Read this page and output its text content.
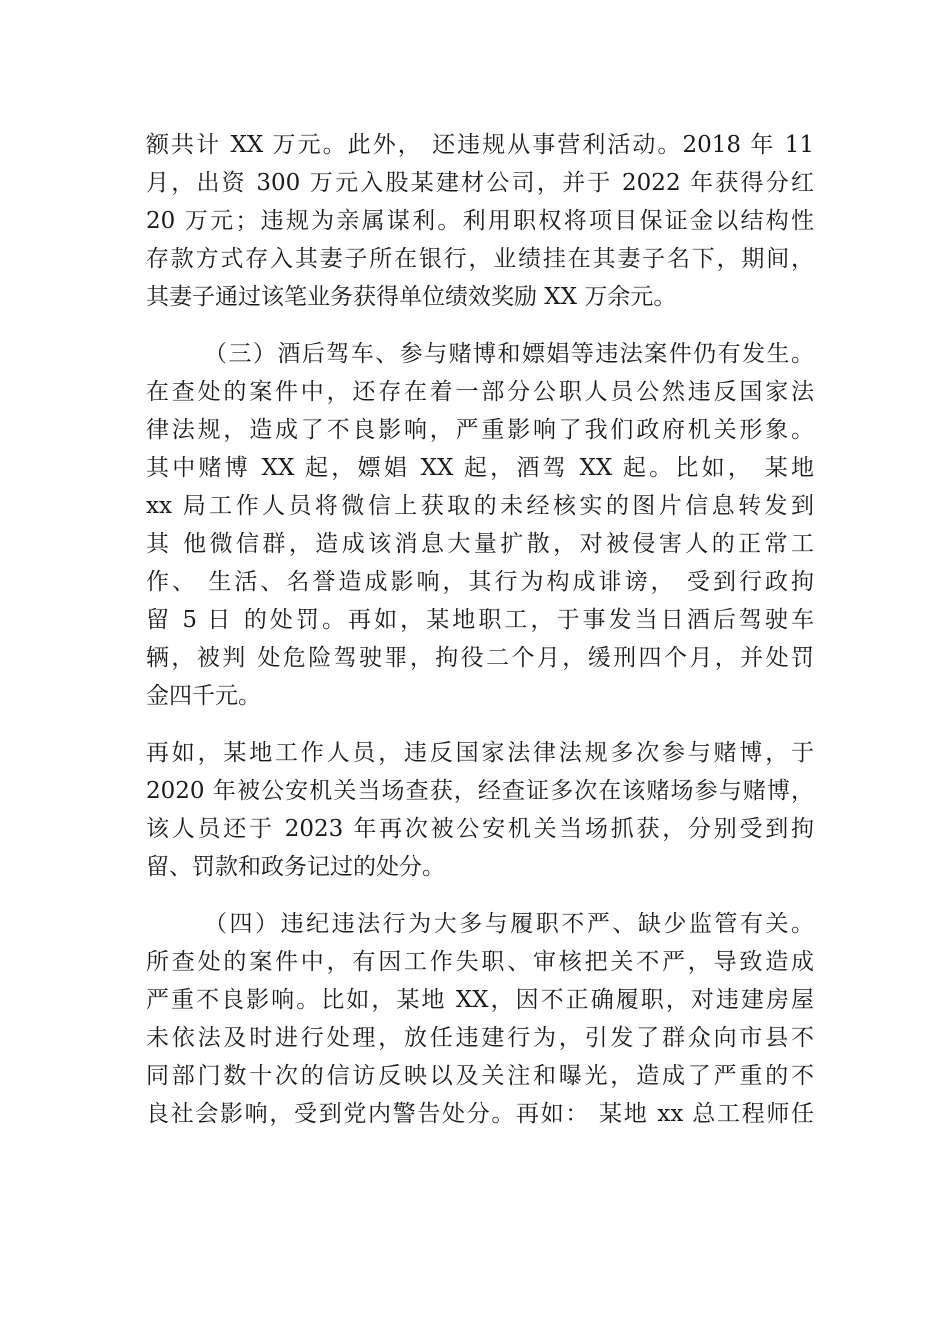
额共计 XX 万元。此外， 还违规从事营利活动。2018 年 11
月，出资 300 万元入股某建材公司，并于 2022 年获得分红
20 万元；违规为亲属谋利。利用职权将项目保证金以结构性
存款方式存入其妻子所在银行，业绩挂在其妻子名下，期间，
其妻子通过该笔业务获得单位绩效奖励 XX 万余元。
（三）酒后驾车、参与赌博和嫖娼等违法案件仍有发生。
在查处的案件中，还存在着一部分公职人员公然违反国家法
律法规，造成了不良影响，严重影响了我们政府机关形象。
其中赌博 XX 起，嫖娼 XX 起，酒驾 XX 起。比如， 某地
xx 局工作人员将微信上获取的未经核实的图片信息转发到
其 他微信群，造成该消息大量扩散，对被侵害人的正常工
作、 生活、名誉造成影响，其行为构成诽谤， 受到行政拘
留 5 日 的处罚。再如，某地职工，于事发当日酒后驾驶车
辆，被判 处危险驾驶罪，拘役二个月，缓刑四个月，并处罚
金四千元。
再如，某地工作人员，违反国家法律法规多次参与赌博，于
2020 年被公安机关当场查获，经查证多次在该赌场参与赌博，
该人员还于 2023 年再次被公安机关当场抓获，分别受到拘
留、罚款和政务记过的处分。
（四）违纪违法行为大多与履职不严、缺少监管有关。
所查处的案件中，有因工作失职、审核把关不严，导致造成
严重不良影响。比如，某地 XX，因不正确履职，对违建房屋
未依法及时进行处理，放任违建行为，引发了群众向市县不
同部门数十次的信访反映以及关注和曝光，造成了严重的不
良社会影响，受到党内警告处分。再如： 某地 xx 总工程师任
